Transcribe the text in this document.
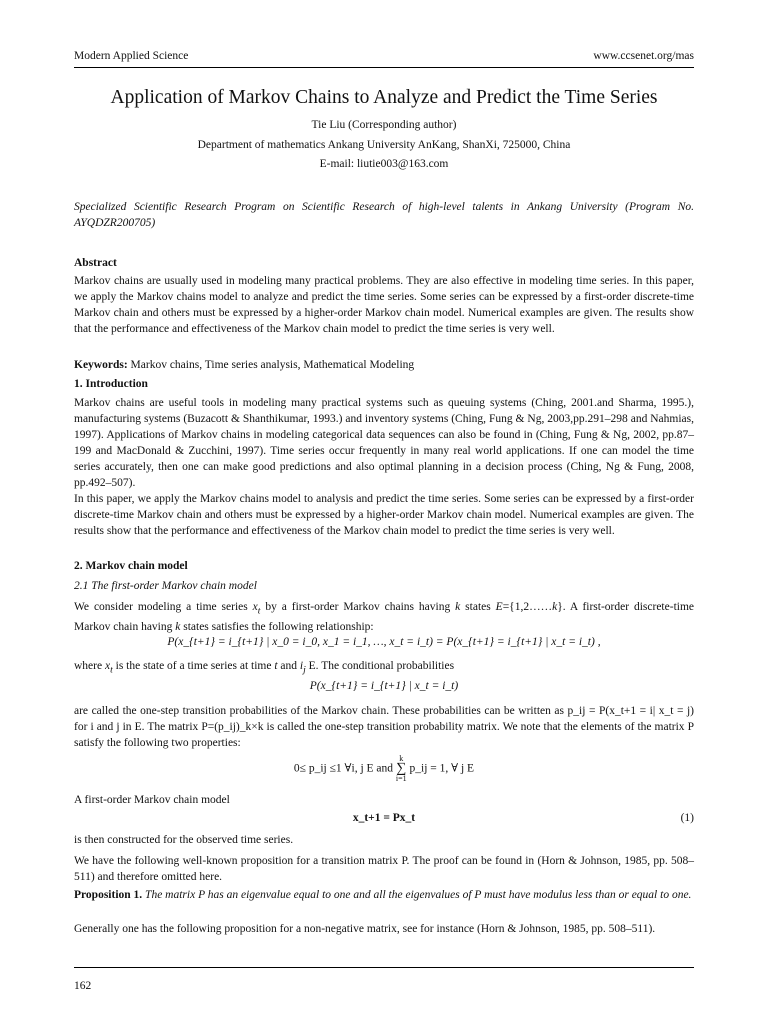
Modern Applied Science	www.ccsenet.org/mas
Application of Markov Chains to Analyze and Predict the Time Series
Tie Liu (Corresponding author)
Department of mathematics Ankang University AnKang, ShanXi, 725000, China
E-mail: liutie003@163.com
Specialized Scientific Research Program on Scientific Research of high-level talents in Ankang University (Program No. AYQDZR200705)
Abstract
Markov chains are usually used in modeling many practical problems. They are also effective in modeling time series. In this paper, we apply the Markov chains model to analyze and predict the time series. Some series can be expressed by a first-order discrete-time Markov chain and others must be expressed by a higher-order Markov chain model. Numerical examples are given. The results show that the performance and effectiveness of the Markov chain model to predict the time series is very well.
Keywords: Markov chains, Time series analysis, Mathematical Modeling
1. Introduction
Markov chains are useful tools in modeling many practical systems such as queuing systems (Ching, 2001.and Sharma, 1995.), manufacturing systems (Buzacott & Shanthikumar, 1993.) and inventory systems (Ching, Fung & Ng, 2003,pp.291–298 and Nahmias, 1997). Applications of Markov chains in modeling categorical data sequences can also be found in (Ching, Fung & Ng, 2002, pp.87–199 and MacDonald & Zucchini, 1997). Time series occur frequently in many real world applications. If one can model the time series accurately, then one can make good predictions and also optimal planning in a decision process (Ching, Ng & Fung, 2008, pp.492–507).
In this paper, we apply the Markov chains model to analysis and predict the time series. Some series can be expressed by a first-order discrete-time Markov chain and others must be expressed by a higher-order Markov chain model. Numerical examples are given. The results show that the performance and effectiveness of the Markov chain model to predict the time series is very well.
2. Markov chain model
2.1 The first-order Markov chain model
We consider modeling a time series $x_t$ by a first-order Markov chains having k states E={1,2……k}. A first-order discrete-time Markov chain having k states satisfies the following relationship:
P(x_{t+1} = i_{t+1} | x_0 = i_0, x_1 = i_1, …, x_t = i_t) = P(x_{t+1} = i_{t+1} | x_t = i_t) ,
where $x_t$ is the state of a time series at time t and $i_j$ E. The conditional probabilities
P(x_{t+1} = i_{t+1} | x_t = i_t)
are called the one-step transition probabilities of the Markov chain. These probabilities can be written as p_ij = P(x_t+1 = i| x_t = j) for i and j in E. The matrix P=(p_ij)_k×k is called the one-step transition probability matrix. We note that the elements of the matrix P satisfy the following two properties:
0≤ p_ij ≤1 ∀i, j E and k
∑
i=1 p_ij = 1, ∀ j E
A first-order Markov chain model
x_t+1 = Px_t	(1)
is then constructed for the observed time series.
We have the following well-known proposition for a transition matrix P. The proof can be found in (Horn & Johnson, 1985, pp. 508–511) and therefore omitted here.
Proposition 1. The matrix P has an eigenvalue equal to one and all the eigenvalues of P must have modulus less than or equal to one.
Generally one has the following proposition for a non-negative matrix, see for instance (Horn & Johnson, 1985, pp. 508–511).
162
